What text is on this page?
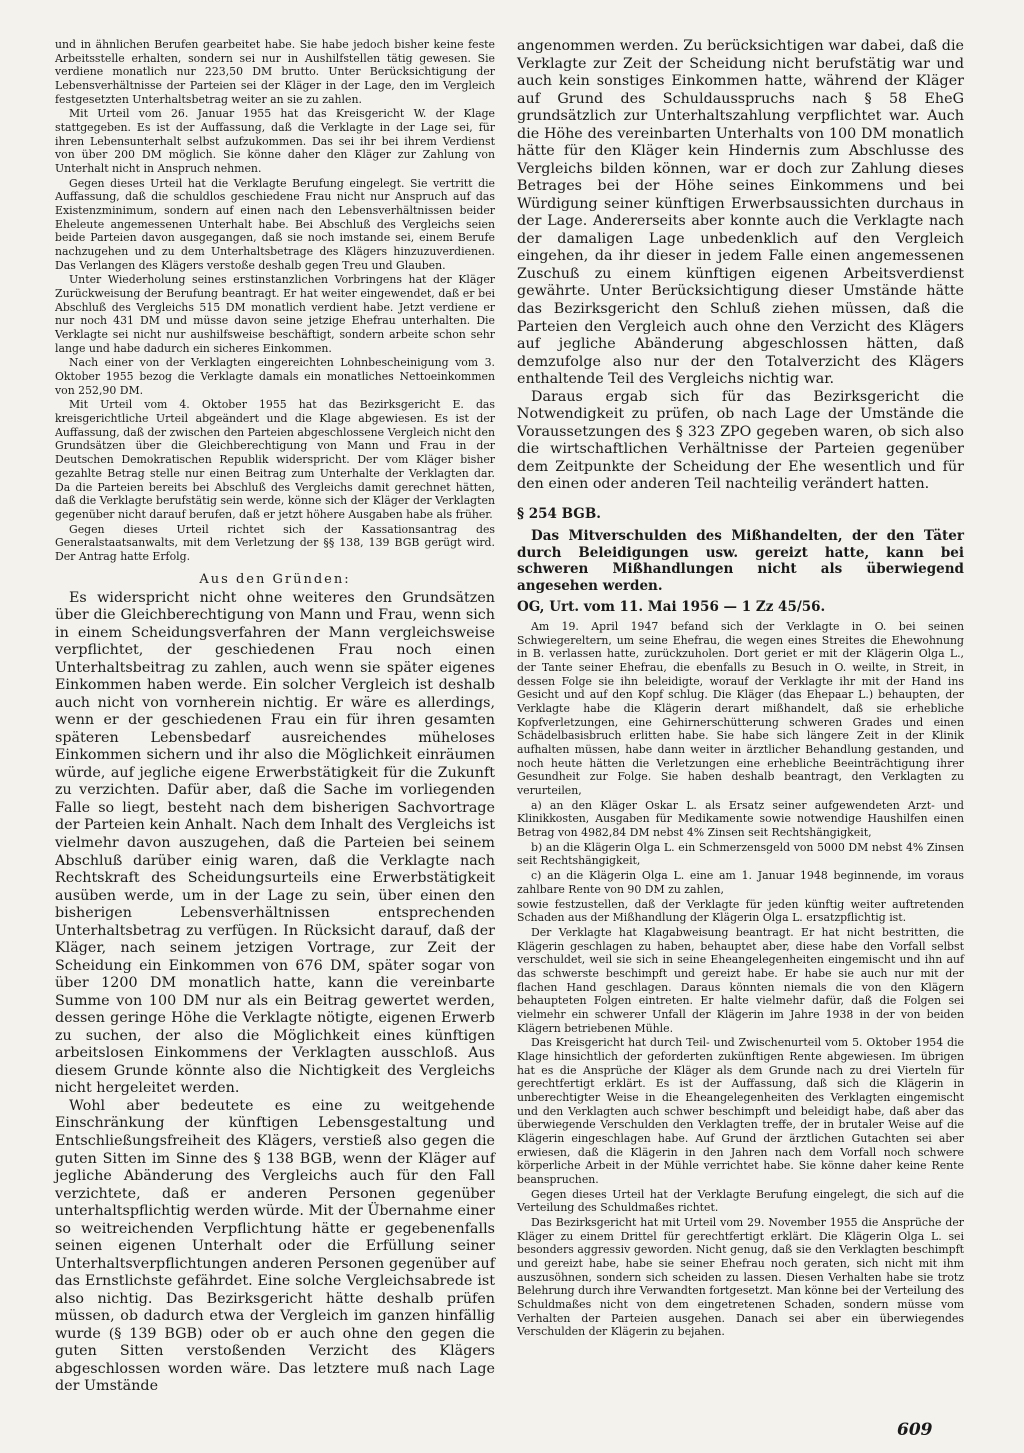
und in ähnlichen Berufen gearbeitet habe. Sie habe jedoch bisher keine feste Arbeitsstelle erhalten, sondern sei nur in Aushilfstellen tätig gewesen. Sie verdiene monatlich nur 223,50 DM brutto. Unter Berücksichtigung der Lebensverhältnisse der Parteien sei der Kläger in der Lage, den im Vergleich festgesetzten Unterhaltsbetrag weiter an sie zu zahlen.

Mit Urteil vom 26. Januar 1955 hat das Kreisgericht W. der Klage stattgegeben. Es ist der Auffassung, daß die Verklagte in der Lage sei, für ihren Lebensunterhalt selbst aufzukommen. Das sei ihr bei ihrem Verdienst von über 200 DM möglich. Sie könne daher den Kläger zur Zahlung von Unterhalt nicht in Anspruch nehmen.

Gegen dieses Urteil hat die Verklagte Berufung eingelegt. Sie vertritt die Auffassung, daß die schuldlos geschiedene Frau nicht nur Anspruch auf das Existenzminimum, sondern auf einen nach den Lebensverhältnissen beider Eheleute angemessenen Unterhalt habe. Bei Abschluß des Vergleichs seien beide Parteien davon ausgegangen, daß sie noch imstande sei, einem Berufe nachzugehen und zu dem Unterhaltsbetrage des Klägers hinzuzuverdienen. Das Verlangen des Klägers verstoße deshalb gegen Treu und Glauben.

Unter Wiederholung seines erstinstanzlichen Vorbringens hat der Kläger Zurückweisung der Berufung beantragt. Er hat weiter eingewendet, daß er bei Abschluß des Vergleichs 515 DM monatlich verdient habe. Jetzt verdiene er nur noch 431 DM und müsse davon seine jetzige Ehefrau unterhalten. Die Verklagte sei nicht nur aushilfsweise beschäftigt, sondern arbeite schon sehr lange und habe dadurch ein sicheres Einkommen.

Nach einer von der Verklagten eingereichten Lohnbescheinigung vom 3. Oktober 1955 bezog die Verklagte damals ein monatliches Nettoeinkommen von 252,90 DM.

Mit Urteil vom 4. Oktober 1955 hat das Bezirksgericht E. das kreisgerichtliche Urteil abgeändert und die Klage abgewiesen. Es ist der Auffassung, daß der zwischen den Parteien abgeschlossene Vergleich nicht den Grundsätzen über die Gleichberechtigung von Mann und Frau in der Deutschen Demokratischen Republik widerspricht. Der vom Kläger bisher gezahlte Betrag stelle nur einen Beitrag zum Unterhalte der Verklagten dar. Da die Parteien bereits bei Abschluß des Vergleichs damit gerechnet hätten, daß die Verklagte berufstätig sein werde, könne sich der Kläger der Verklagten gegenüber nicht darauf berufen, daß er jetzt höhere Ausgaben habe als früher.

Gegen dieses Urteil richtet sich der Kassationsantrag des Generalstaatsanwalts, mit dem Verletzung der §§ 138, 139 BGB gerügt wird. Der Antrag hatte Erfolg.

Aus den Gründen:

Es widerspricht nicht ohne weiteres den Grundsätzen über die Gleichberechtigung von Mann und Frau, wenn sich in einem Scheidungsverfahren der Mann vergleichsweise verpflichtet, der geschiedenen Frau noch einen Unterhaltsbeitrag zu zahlen, auch wenn sie später eigenes Einkommen haben werde. Ein solcher Vergleich ist deshalb auch nicht von vornherein nichtig. Er wäre es allerdings, wenn er der geschiedenen Frau ein für ihren gesamten späteren Lebensbedarf ausreichendes müheloses Einkommen sichern und ihr also die Möglichkeit einräumen würde, auf jegliche eigene Erwerbstätigkeit für die Zukunft zu verzichten. Dafür aber, daß die Sache im vorliegenden Falle so liegt, besteht nach dem bisherigen Sachvortrage der Parteien kein Anhalt. Nach dem Inhalt des Vergleichs ist vielmehr davon auszugehen, daß die Parteien bei seinem Abschluß darüber einig waren, daß die Verklagte nach Rechtskraft des Scheidungsurteils eine Erwerbstätigkeit ausüben werde, um in der Lage zu sein, über einen den bisherigen Lebensverhältnissen entsprechenden Unterhaltsbetrag zu verfügen. In Rücksicht darauf, daß der Kläger, nach seinem jetzigen Vortrage, zur Zeit der Scheidung ein Einkommen von 676 DM, später sogar von über 1200 DM monatlich hatte, kann die vereinbarte Summe von 100 DM nur als ein Beitrag gewertet werden, dessen geringe Höhe die Verklagte nötigte, eigenen Erwerb zu suchen, der also die Möglichkeit eines künftigen arbeitslosen Einkommens der Verklagten ausschloß. Aus diesem Grunde könnte also die Nichtigkeit des Vergleichs nicht hergeleitet werden.

Wohl aber bedeutete es eine zu weitgehende Einschränkung der künftigen Lebensgestaltung und Entschließungsfreiheit des Klägers, verstieß also gegen die guten Sitten im Sinne des § 138 BGB, wenn der Kläger auf jegliche Abänderung des Vergleichs auch für den Fall verzichtete, daß er anderen Personen gegenüber unterhaltspflichtig werden würde. Mit der Übernahme einer so weitreichenden Verpflichtung hätte er gegebenenfalls seinen eigenen Unterhalt oder die Erfüllung seiner Unterhaltsverpflichtungen anderen Personen gegenüber auf das Ernstlichste gefährdet. Eine solche Vergleichsabrede ist also nichtig. Das Bezirksgericht hätte deshalb prüfen müssen, ob dadurch etwa der Vergleich im ganzen hinfällig wurde (§ 139 BGB) oder ob er auch ohne den gegen die guten Sitten verstoßenden Verzicht des Klägers abgeschlossen worden wäre. Das letztere muß nach Lage der Umstände

angenommen werden. Zu berücksichtigen war dabei, daß die Verklagte zur Zeit der Scheidung nicht berufstätig war und auch kein sonstiges Einkommen hatte, während der Kläger auf Grund des Schuldausspruchs nach § 58 EheG grundsätzlich zur Unterhaltszahlung verpflichtet war. Auch die Höhe des vereinbarten Unterhalts von 100 DM monatlich hätte für den Kläger kein Hindernis zum Abschlusse des Vergleichs bilden können, war er doch zur Zahlung dieses Betrages bei der Höhe seines Einkommens und bei Würdigung seiner künftigen Erwerbsaussichten durchaus in der Lage. Andererseits aber konnte auch die Verklagte nach der damaligen Lage unbedenklich auf den Vergleich eingehen, da ihr dieser in jedem Falle einen angemessenen Zuschuß zu einem künftigen eigenen Arbeitsverdienst gewährte. Unter Berücksichtigung dieser Umstände hätte das Bezirksgericht den Schluß ziehen müssen, daß die Parteien den Vergleich auch ohne den Verzicht des Klägers auf jegliche Abänderung abgeschlossen hätten, daß demzufolge also nur der den Totalverzicht des Klägers enthaltende Teil des Vergleichs nichtig war.

Daraus ergab sich für das Bezirksgericht die Notwendigkeit zu prüfen, ob nach Lage der Umstände die Voraussetzungen des § 323 ZPO gegeben waren, ob sich also die wirtschaftlichen Verhältnisse der Parteien gegenüber dem Zeitpunkte der Scheidung der Ehe wesentlich und für den einen oder anderen Teil nachteilig verändert hatten.

§ 254 BGB.

Das Mitverschulden des Mißhandelten, der den Täter durch Beleidigungen usw. gereizt hatte, kann bei schweren Mißhandlungen nicht als überwiegend angesehen werden.

OG, Urt. vom 11. Mai 1956 — 1 Zz 45/56.

Am 19. April 1947 befand sich der Verklagte in O. bei seinen Schwiegereltern, um seine Ehefrau, die wegen eines Streites die Ehewohnung in B. verlassen hatte, zurückzuholen. Dort geriet er mit der Klägerin Olga L., der Tante seiner Ehefrau, die ebenfalls zu Besuch in O. weilte, in Streit, in dessen Folge sie ihn beleidigte, worauf der Verklagte ihr mit der Hand ins Gesicht und auf den Kopf schlug. Die Kläger (das Ehepaar L.) behaupten, der Verklagte habe die Klägerin derart mißhandelt, daß sie erhebliche Kopfverletzungen, eine Gehirnerschütterung schweren Grades und einen Schädelbasisbruch erlitten habe. Sie habe sich längere Zeit in der Klinik aufhalten müssen, habe dann weiter in ärztlicher Behandlung gestanden, und noch heute hätten die Verletzungen eine erhebliche Beeinträchtigung ihrer Gesundheit zur Folge. Sie haben deshalb beantragt, den Verklagten zu verurteilen,

a) an den Kläger Oskar L. als Ersatz seiner aufgewendeten Arzt- und Klinikkosten, Ausgaben für Medikamente sowie notwendige Haushilfen einen Betrag von 4982,84 DM nebst 4% Zinsen seit Rechtshängigkeit,

b) an die Klägerin Olga L. ein Schmerzensgeld von 5000 DM nebst 4% Zinsen seit Rechtshängigkeit,

c) an die Klägerin Olga L. eine am 1. Januar 1948 beginnende, im voraus zahlbare Rente von 90 DM zu zahlen,

sowie festzustellen, daß der Verklagte für jeden künftig weiter auftretenden Schaden aus der Mißhandlung der Klägerin Olga L. ersatzpflichtig ist.

Der Verklagte hat Klagabweisung beantragt. Er hat nicht bestritten, die Klägerin geschlagen zu haben, behauptet aber, diese habe den Vorfall selbst verschuldet, weil sie sich in seine Eheangelegenheiten eingemischt und ihn auf das schwerste beschimpft und gereizt habe. Er habe sie auch nur mit der flachen Hand geschlagen. Daraus könnten niemals die von den Klägern behaupteten Folgen eintreten. Er halte vielmehr dafür, daß die Folgen sei vielmehr ein schwerer Unfall der Klägerin im Jahre 1938 in der von beiden Klägern betriebenen Mühle.

Das Kreisgericht hat durch Teil- und Zwischenurteil vom 5. Oktober 1954 die Klage hinsichtlich der geforderten zukünftigen Rente abgewiesen. Im übrigen hat es die Ansprüche der Kläger als dem Grunde nach zu drei Vierteln für gerechtfertigt erklärt. Es ist der Auffassung, daß sich die Klägerin in unberechtigter Weise in die Eheangelegenheiten des Verklagten eingemischt und den Verklagten auch schwer beschimpft und beleidigt habe, daß aber das überwiegende Verschulden den Verklagten treffe, der in brutaler Weise auf die Klägerin eingeschlagen habe. Auf Grund der ärztlichen Gutachten sei aber erwiesen, daß die Klägerin in den Jahren nach dem Vorfall noch schwere körperliche Arbeit in der Mühle verrichtet habe. Sie könne daher keine Rente beanspruchen.

Gegen dieses Urteil hat der Verklagte Berufung eingelegt, die sich auf die Verteilung des Schuldmaßes richtet.

Das Bezirksgericht hat mit Urteil vom 29. November 1955 die Ansprüche der Kläger zu einem Drittel für gerechtfertigt erklärt. Die Klägerin Olga L. sei besonders aggressiv geworden. Nicht genug, daß sie den Verklagten beschimpft und gereizt habe, habe sie seiner Ehefrau noch geraten, sich nicht mit ihm auszusöhnen, sondern sich scheiden zu lassen. Diesen Verhalten habe sie trotz Belehrung durch ihre Verwandten fortgesetzt. Man könne bei der Verteilung des Schuldmaßes nicht von dem eingetretenen Schaden, sondern müsse vom Verhalten der Parteien ausgehen. Danach sei aber ein überwiegendes Verschulden der Klägerin zu bejahen.

609
